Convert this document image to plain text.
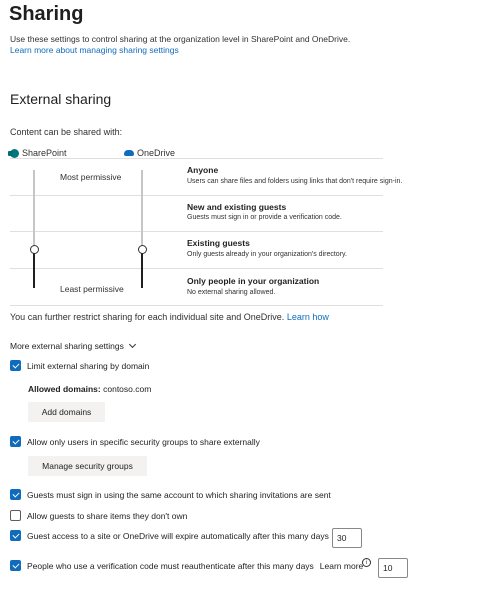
Sharing
Use these settings to control sharing at the organization level in SharePoint and OneDrive.
Learn more about managing sharing settings
External sharing
Content can be shared with:
SharePoint	OneDrive
Most permissive
Least permissive
Anyone
Users can share files and folders using links that don't require sign-in.
New and existing guests
Guests must sign in or provide a verification code.
Existing guests
Only guests already in your organization's directory.
Only people in your organization
No external sharing allowed.
You can further restrict sharing for each individual site and OneDrive. Learn how
More external sharing settings
Limit external sharing by domain
Allowed domains: contoso.com
Add domains
Allow only users in specific security groups to share externally
Manage security groups
Guests must sign in using the same account to which sharing invitations are sent
Allow guests to share items they don't own
Guest access to a site or OneDrive will expire automatically after this many days
30
People who use a verification code must reauthenticate after this many days Learn more i
10
